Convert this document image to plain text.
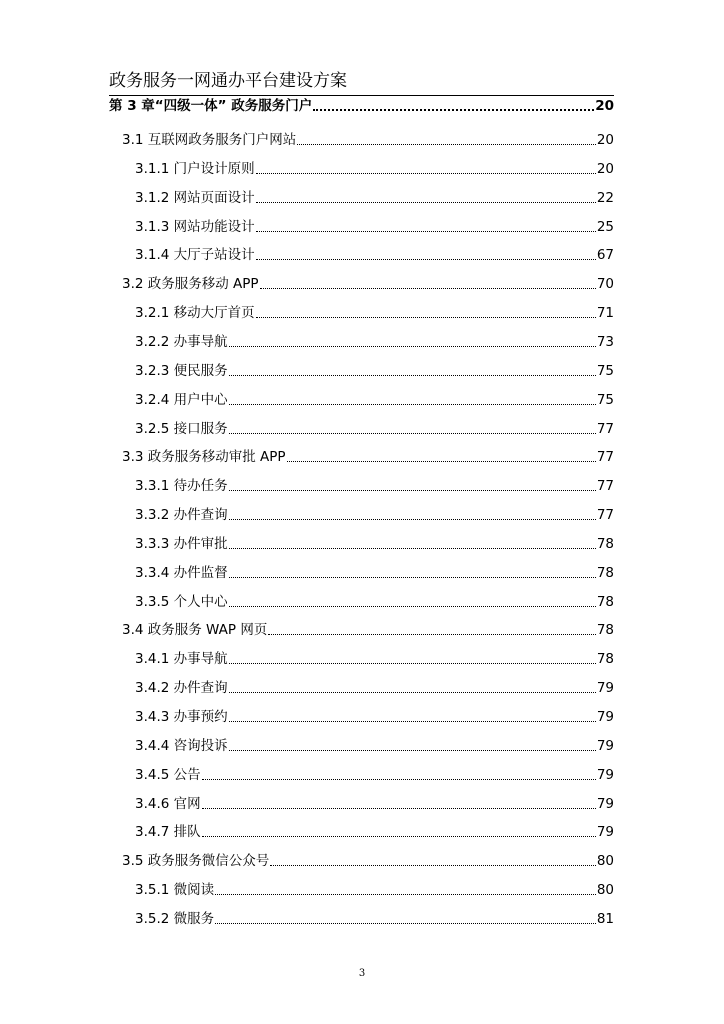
政务服务一网通办平台建设方案
第 3 章“四级一体” 政务服务门户	20
3.1 互联网政务服务门户网站	20
3.1.1 门户设计原则	20
3.1.2 网站页面设计	22
3.1.3 网站功能设计	25
3.1.4 大厅子站设计	67
3.2 政务服务移动 APP	70
3.2.1 移动大厅首页	71
3.2.2 办事导航	73
3.2.3 便民服务	75
3.2.4 用户中心	75
3.2.5 接口服务	77
3.3 政务服务移动审批 APP	77
3.3.1 待办任务	77
3.3.2 办件查询	77
3.3.3 办件审批	78
3.3.4 办件监督	78
3.3.5 个人中心	78
3.4 政务服务 WAP 网页	78
3.4.1 办事导航	78
3.4.2 办件查询	79
3.4.3 办事预约	79
3.4.4 咨询投诉	79
3.4.5 公告	79
3.4.6 官网	79
3.4.7 排队	79
3.5 政务服务微信公众号	80
3.5.1 微阅读	80
3.5.2 微服务	81
3
